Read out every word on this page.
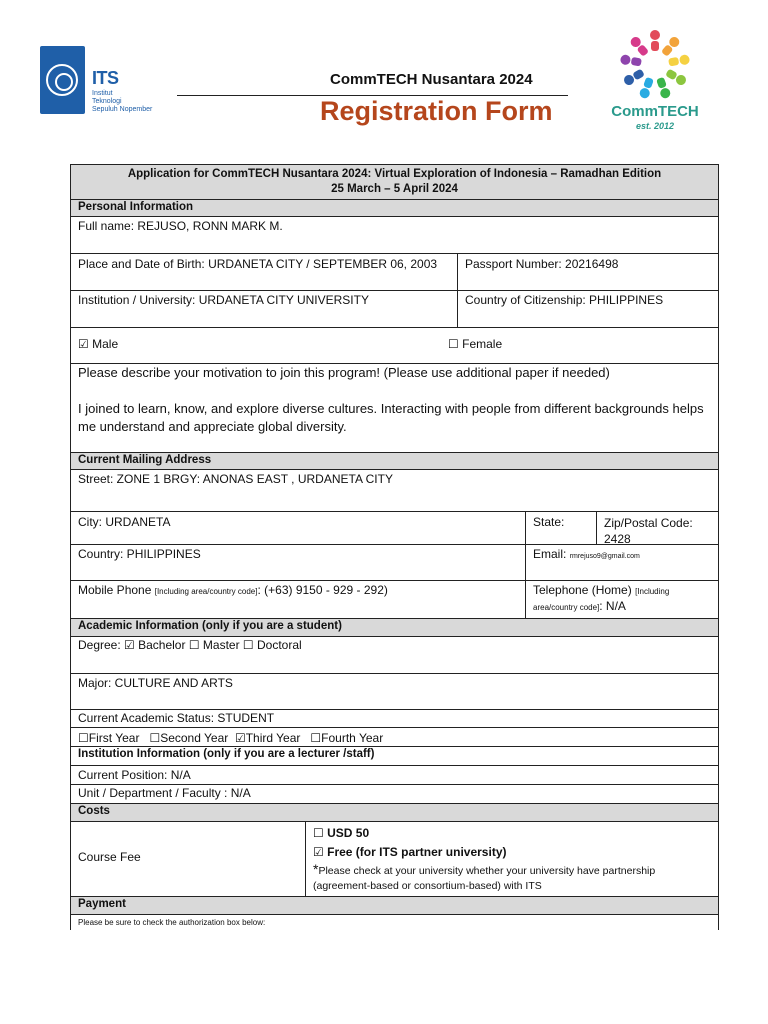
ITS
Institut
Teknologi
Sepuluh Nopember
CommTECH Nusantara 2024
Registration Form	CommTECH
est. 2012
Application for CommTECH Nusantara 2024: Virtual Exploration of Indonesia – Ramadhan Edition
25 March – 5 April 2024
Personal Information
Full name: REJUSO, RONN MARK M.
Place and Date of Birth: URDANETA CITY / SEPTEMBER 06, 2003	Passport Number: 20216498
Institution / University: URDANETA CITY UNIVERSITY	Country of Citizenship: PHILIPPINES
☑ Male	☐ Female
Please describe your motivation to join this program! (Please use additional paper if needed)
I joined to learn, know, and explore diverse cultures. Interacting with people from different backgrounds helps me understand and appreciate global diversity.
Current Mailing Address
Street: ZONE 1 BRGY: ANONAS EAST , URDANETA CITY
City: URDANETA	State:	Zip/Postal Code:
2428
Country: PHILIPPINES	Email: rmrejuso9@gmail.com
Mobile Phone [Including area/country code]: (+63) 9150 - 929 - 292)	Telephone (Home) [Including
area/country code]: N/A
Academic Information (only if you are a student)
Degree: ☑ Bachelor ☐ Master ☐ Doctoral
Major: CULTURE AND ARTS
Current Academic Status: STUDENT
☐First Year   ☐Second Year  ☑Third Year   ☐Fourth Year
Institution Information (only if you are a lecturer /staff)
Current Position: N/A
Unit / Department / Faculty : N/A
Costs
Course Fee
☐ USD 50
☑ Free (for ITS partner university)
*Please check at your university whether your university have partnership (agreement-based or consortium-based) with ITS
Payment
Please be sure to check the authorization box below:
